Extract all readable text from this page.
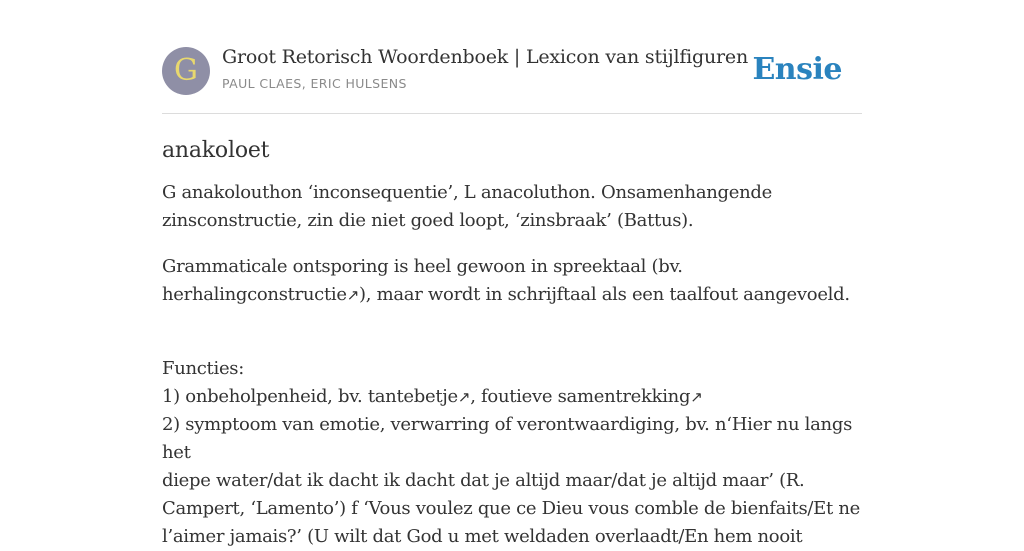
G Groot Retorisch Woordenboek | Lexicon van stijlfiguren
PAUL CLAES, ERIC HULSENS	Ensie
anakoloet

G anakolouthon ‘inconsequentie’, L anacoluthon. Onsamenhangende zinsconstructie, zin die niet goed loopt, ‘zinsbraak’ (Battus).

Grammaticale ontsporing is heel gewoon in spreektaal (bv. herhalingconstructie↗), maar wordt in schrijftaal als een taalfout aangevoeld.

Functies:
1) onbeholpenheid, bv. tantebetje↗, foutieve samentrekking↗
2) symptoom van emotie, verwarring of verontwaardiging, bv. n‘Hier nu langs het
diepe water/dat ik dacht ik dacht dat je altijd maar/dat je altijd maar’ (R.
Campert, ‘Lamento’) f ‘Vous voulez que ce Dieu vous comble de bienfaits/Et ne
l’aimer jamais?’ (U wilt dat God u met weldaden overlaadt/En hem nooit
